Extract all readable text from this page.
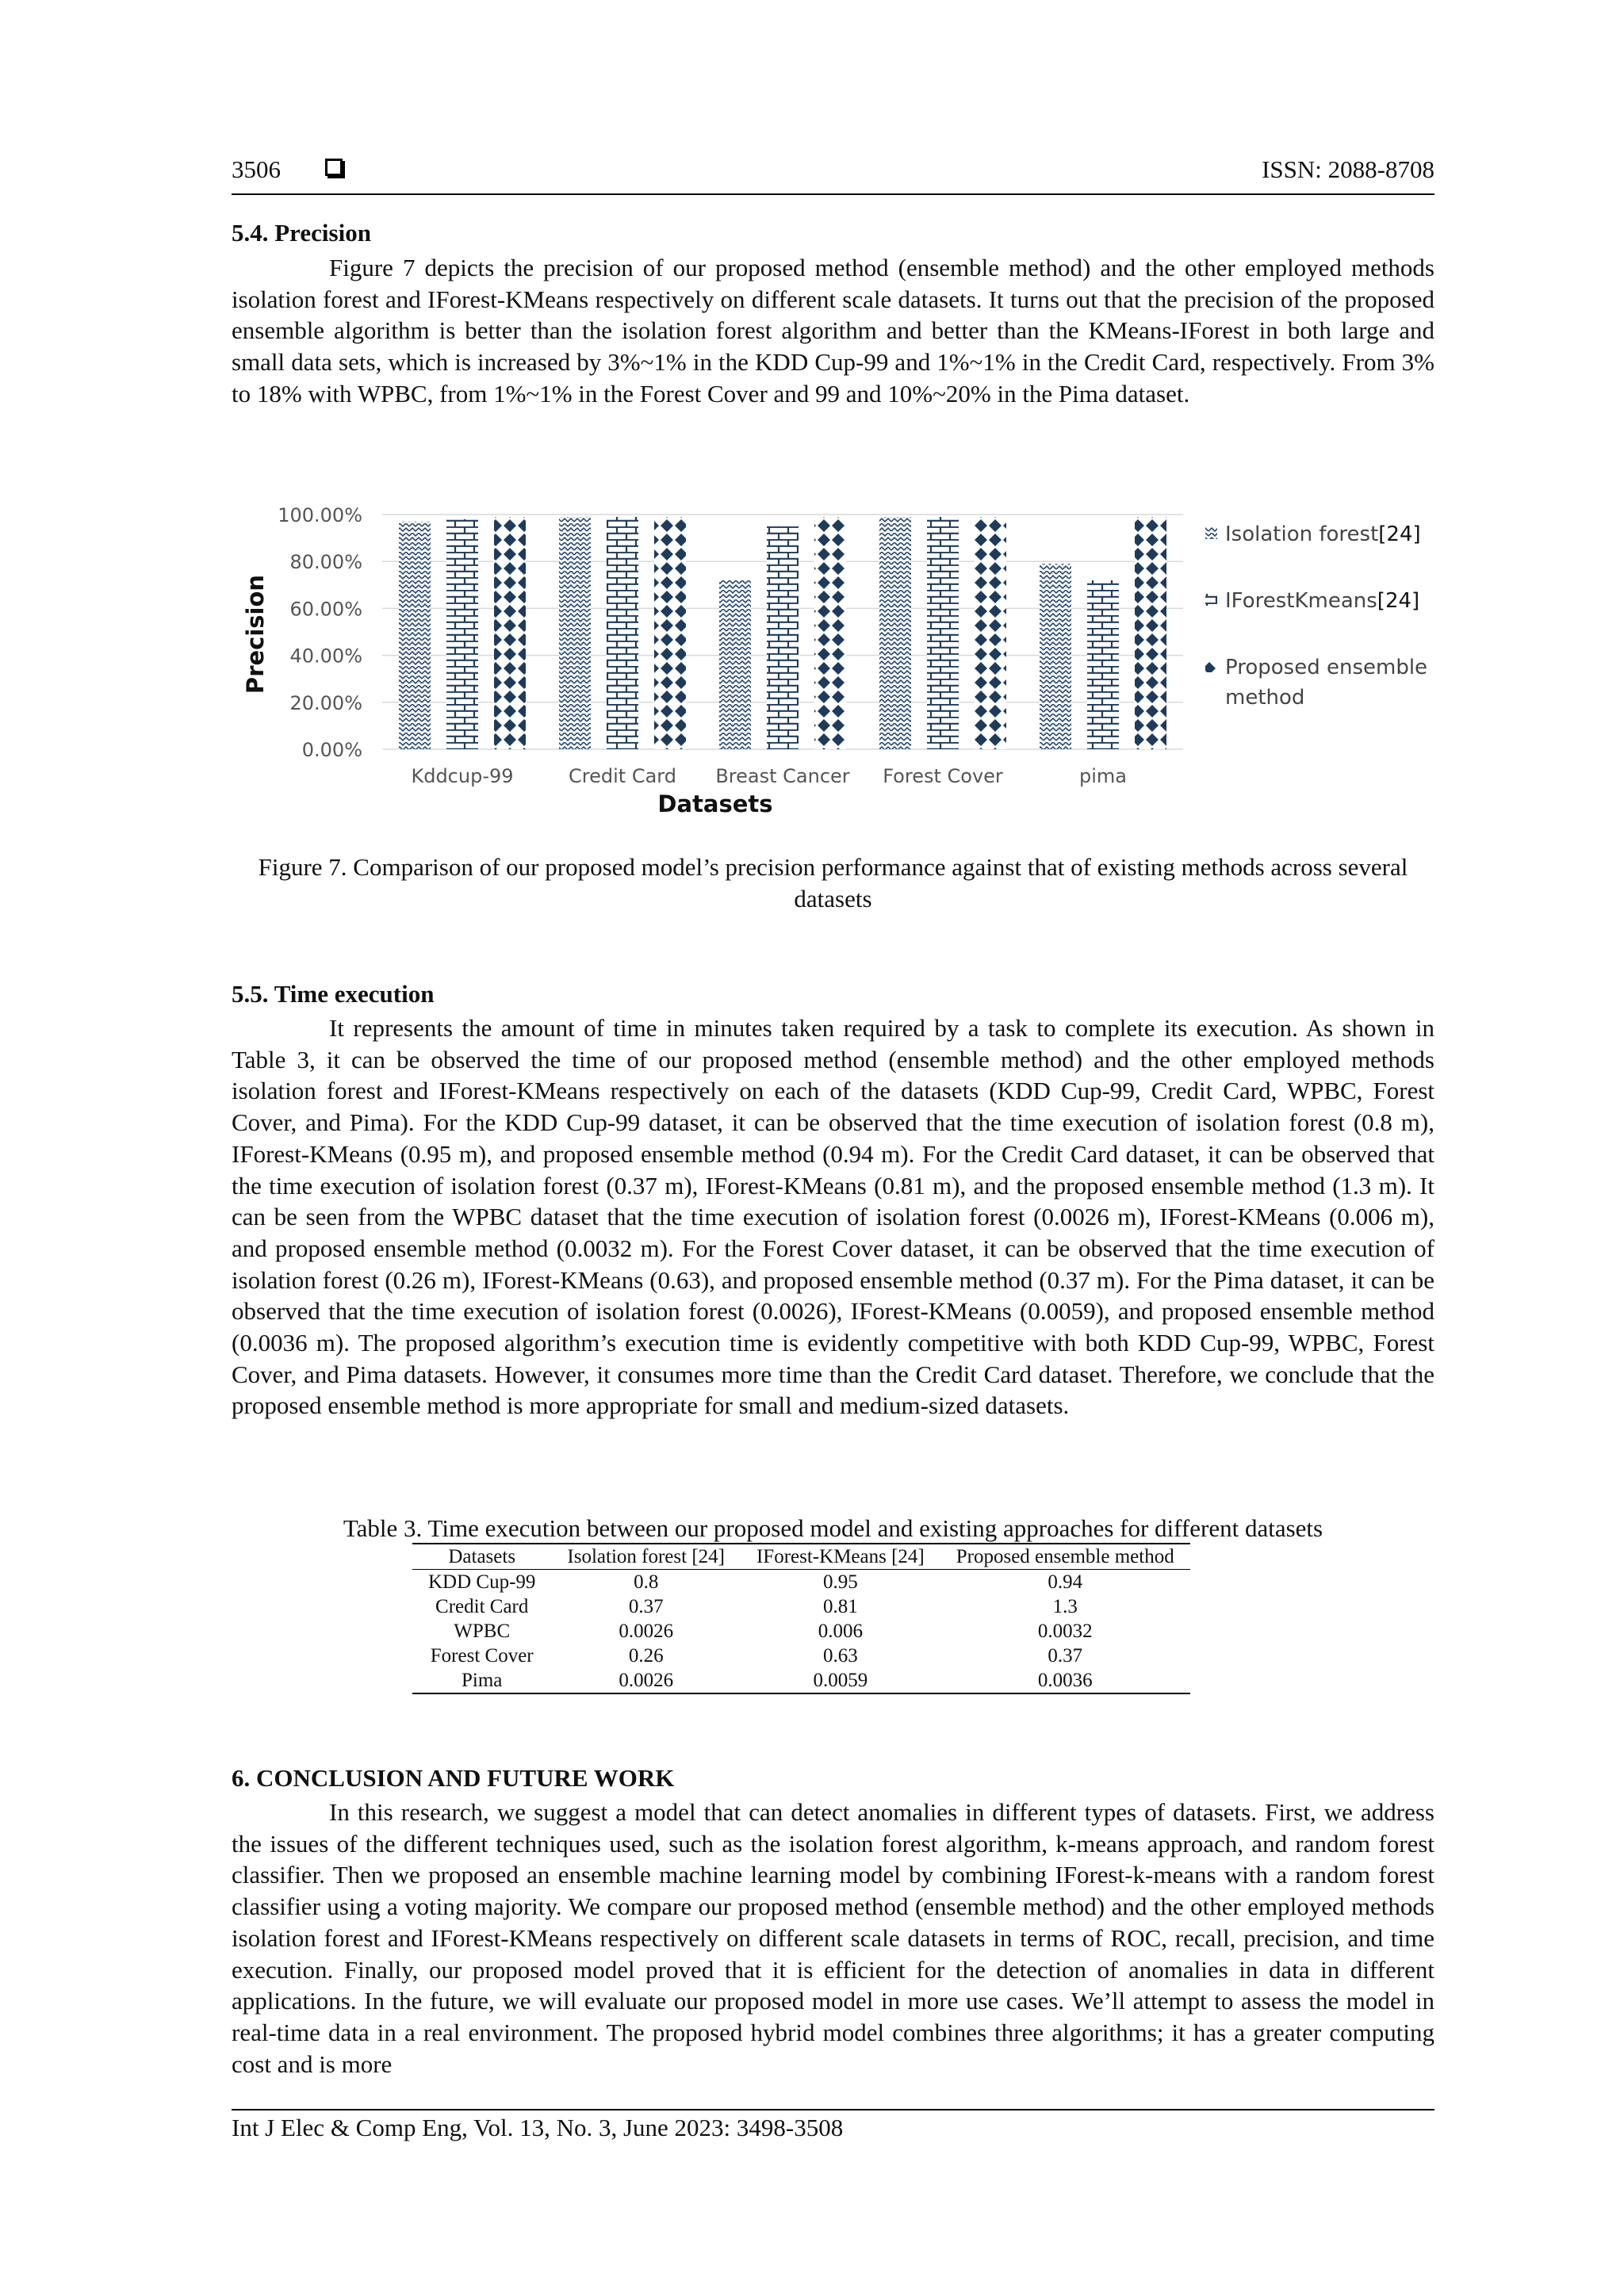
3506	ISSN: 2088-8708
5.4. Precision

Figure 7 depicts the precision of our proposed method (ensemble method) and the other employed methods isolation forest and IForest-KMeans respectively on different scale datasets. It turns out that the precision of the proposed ensemble algorithm is better than the isolation forest algorithm and better than the KMeans-IForest in both large and small data sets, which is increased by 3%~1% in the KDD Cup-99 and 1%~1% in the Credit Card, respectively. From 3% to 18% with WPBC, from 1%~1% in the Forest Cover and 99 and 10%~20% in the Pima dataset.

0.00%
20.00%
40.00%
60.00%
80.00%
100.00%
Kddcup-99	Credit Card Breast Cancer Forest Cover	pima
Datasets
Precision
Isolation forest[24]
IForestKmeans[24]
Proposed ensemble
method

Figure 7. Comparison of our proposed model’s precision performance against that of existing methods across several datasets

5.5. Time execution

It represents the amount of time in minutes taken required by a task to complete its execution. As shown in Table 3, it can be observed the time of our proposed method (ensemble method) and the other employed methods isolation forest and IForest-KMeans respectively on each of the datasets (KDD Cup-99, Credit Card, WPBC, Forest Cover, and Pima). For the KDD Cup-99 dataset, it can be observed that the time execution of isolation forest (0.8 m), IForest-KMeans (0.95 m), and proposed ensemble method (0.94 m). For the Credit Card dataset, it can be observed that the time execution of isolation forest (0.37 m), IForest-KMeans (0.81 m), and the proposed ensemble method (1.3 m). It can be seen from the WPBC dataset that the time execution of isolation forest (0.0026 m), IForest-KMeans (0.006 m), and proposed ensemble method (0.0032 m). For the Forest Cover dataset, it can be observed that the time execution of isolation forest (0.26 m), IForest-KMeans (0.63), and proposed ensemble method (0.37 m). For the Pima dataset, it can be observed that the time execution of isolation forest (0.0026), IForest-KMeans (0.0059), and proposed ensemble method (0.0036 m). The proposed algorithm’s execution time is evidently competitive with both KDD Cup-99, WPBC, Forest Cover, and Pima datasets. However, it consumes more time than the Credit Card dataset. Therefore, we conclude that the proposed ensemble method is more appropriate for small and medium-sized datasets.

Table 3. Time execution between our proposed model and existing approaches for different datasets

Datasets	Isolation forest [24]	IForest-KMeans [24]	Proposed ensemble method
KDD Cup-99	0.8	0.95	0.94
Credit Card	0.37	0.81	1.3
WPBC	0.0026	0.006	0.0032
Forest Cover	0.26	0.63	0.37
Pima	0.0026	0.0059	0.0036
6. CONCLUSION AND FUTURE WORK

In this research, we suggest a model that can detect anomalies in different types of datasets. First, we address the issues of the different techniques used, such as the isolation forest algorithm, k-means approach, and random forest classifier. Then we proposed an ensemble machine learning model by combining IForest-k-means with a random forest classifier using a voting majority. We compare our proposed method (ensemble method) and the other employed methods isolation forest and IForest-KMeans respectively on different scale datasets in terms of ROC, recall, precision, and time execution. Finally, our proposed model proved that it is efficient for the detection of anomalies in data in different applications. In the future, we will evaluate our proposed model in more use cases. We’ll attempt to assess the model in real-time data in a real environment. The proposed hybrid model combines three algorithms; it has a greater computing cost and is more

Int J Elec & Comp Eng, Vol. 13, No. 3, June 2023: 3498-3508
